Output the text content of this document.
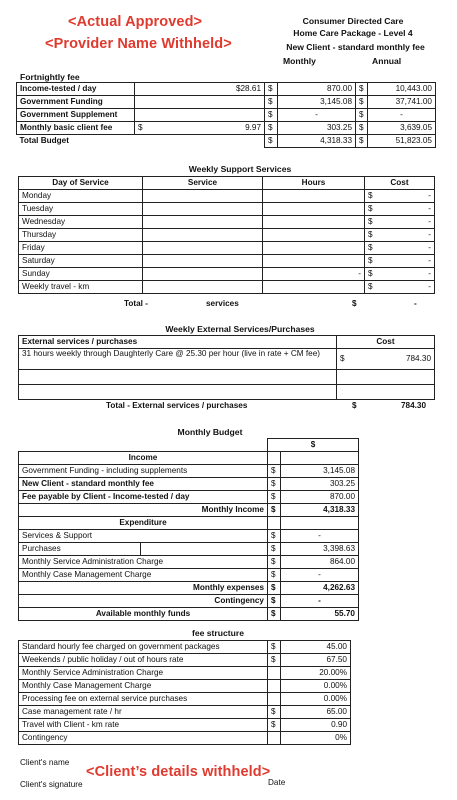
<Actual Approved>
<Provider Name Withheld>
Consumer Directed Care
Home Care Package - Level 4
New Client - standard monthly fee
Monthly	Annual
Fortnightly fee
Income-tested / day	$28.61	$	870.00	$	10,443.00
Government Funding		$	3,145.08	$	37,741.00
Government Supplement		$	-	$	-
Monthly basic client fee	$ 9.97	$	303.25	$	3,639.05
Total Budget		$	4,318.33	$	51,823.05
Weekly Support Services
Day of Service	Service	Hours	Cost
Monday			$ -

Tuesday			$ -

Wednesday			$ -

Thursday			$ -

Friday			$ -

Saturday			$ -

Sunday		-	$ -

Weekly travel - km			$ -
Total -	services	$	-
Weekly External Services/Purchases
External services / purchases	Cost
31 hours weekly through Daughterly Care @ 25.30 per hour (live in rate + CM fee)	$ 784.30

Total - External services / purchases	$	784.30
Monthly Budget
		$	
Income			
Government Funding - including supplements		$	3,145.08
New Client - standard monthly fee		$	303.25
Fee payable by Client - Income-tested / day		$	870.00
Monthly Income		$	4,318.33
Expenditure			
Services & Support		$	-
Purchases		$	3,398.63
Monthly Service Administration Charge		$	864.00
Monthly Case Management Charge		$	-
Monthly expenses		$	4,262.63
Contingency		$	-
Available monthly funds		$	55.70
fee structure
Standard hourly fee charged on government packages	$	45.00
Weekends / public holiday / out of hours rate	$	67.50
Monthly Service Administration Charge		20.00%
Monthly Case Management Charge		0.00%
Processing fee on external service purchases		0.00%
Case management rate / hr	$	65.00
Travel with Client - km rate	$	0.90
Contingency		0%
Client's name
<Client’s details withheld>
Client's signature	Date
